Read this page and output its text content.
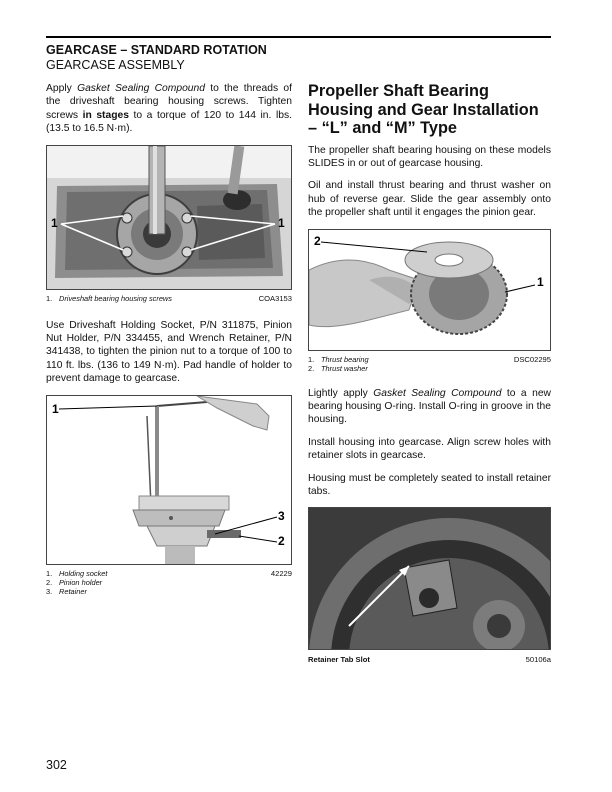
GEARCASE – STANDARD ROTATION
GEARCASE ASSEMBLY

Apply Gasket Sealing Compound to the threads of the driveshaft bearing housing screws. Tighten screws in stages to a torque of 120 to 144 in. lbs. (13.5 to 16.5 N·m).

1	1
1. Driveshaft bearing housing screws	COA3153

Use Driveshaft Holding Socket, P/N 311875, Pinion Nut Holder, P/N 334455, and Wrench Retainer, P/N 341438, to tighten the pinion nut to a torque of 100 to 110 ft. lbs. (136 to 149 N·m). Pad handle of holder to prevent damage to gearcase.

1
3
2
1. Holding socket
2. Pinion holder
3. Retainer
42229
Propeller Shaft Bearing Housing and Gear Installation – “L” and “M” Type

The propeller shaft bearing housing on these models SLIDES in or out of gearcase housing.

Oil and install thrust bearing and thrust washer on hub of reverse gear. Slide the gear assembly onto the propeller shaft until it engages the pinion gear.

2
1
1. Thrust bearing
2. Thrust washer
DSC02295

Lightly apply Gasket Sealing Compound to a new bearing housing O-ring. Install O-ring in groove in the housing.

Install housing into gearcase. Align screw holes with retainer slots in gearcase.

Housing must be completely seated to install retainer tabs.

Retainer Tab Slot	50106a
302
